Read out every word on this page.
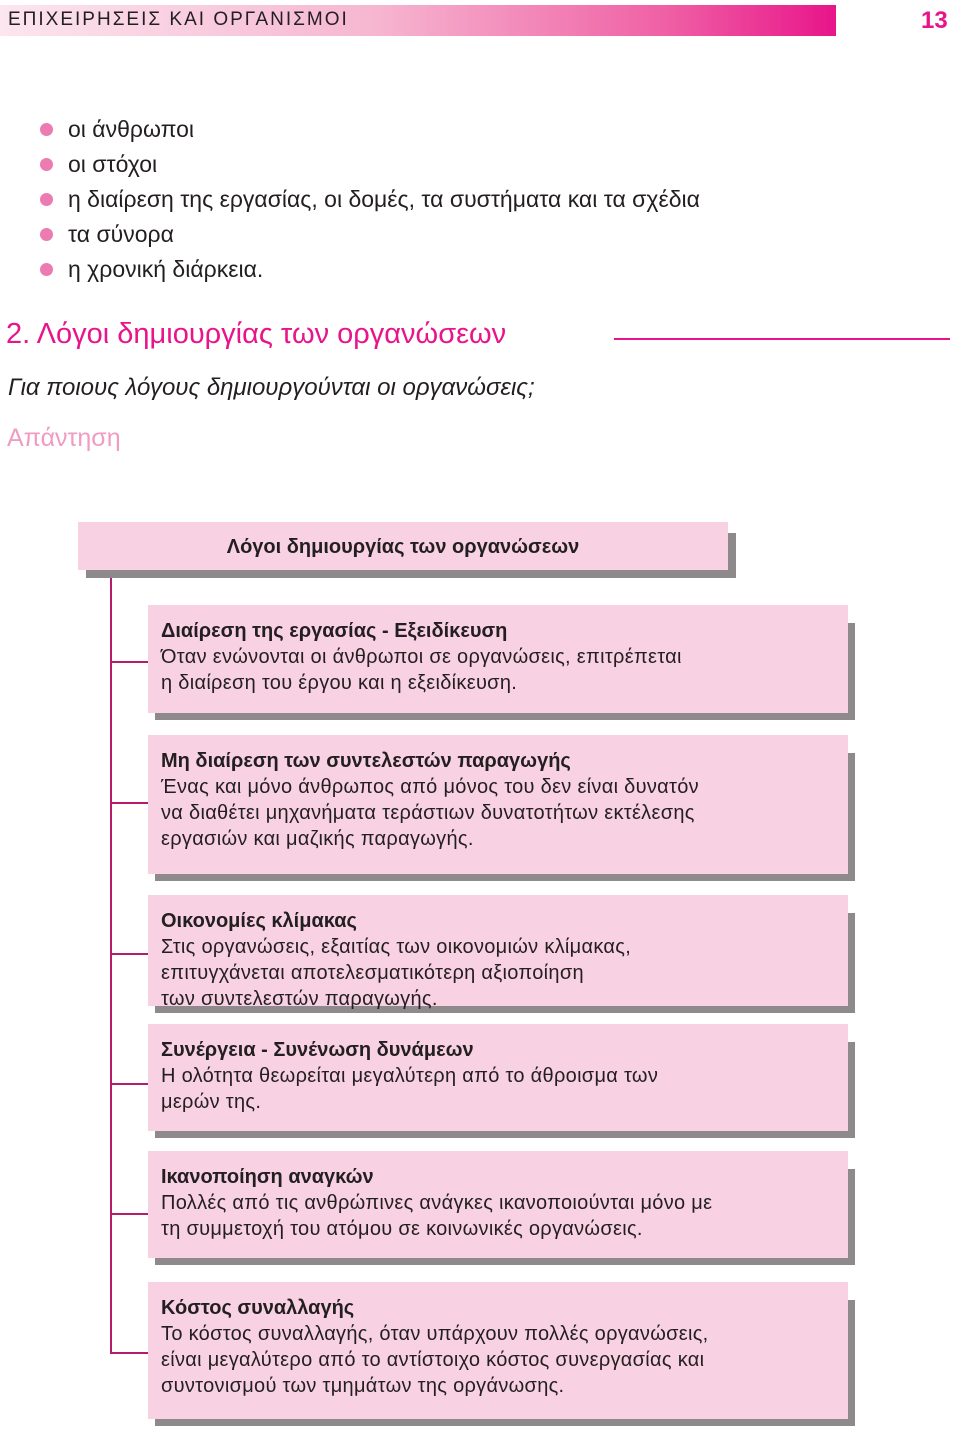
ΕΠΙΧΕΙΡΗΣΕΙΣ ΚΑΙ ΟΡΓΑΝΙΣΜΟΙ	13
οι άνθρωποι
οι στόχοι
η διαίρεση της εργασίας, οι δομές, τα συστήματα και τα σχέδια
τα σύνορα
η χρονική διάρκεια.
2. Λόγοι δημιουργίας των οργανώσεων
Για ποιους λόγους δημιουργούνται οι οργανώσεις;
Απάντηση
Λόγοι δημιουργίας των οργανώσεων
Διαίρεση της εργασίας - Εξειδίκευση
Όταν ενώνονται οι άνθρωποι σε οργανώσεις, επιτρέπεται
η διαίρεση του έργου και η εξειδίκευση.
Μη διαίρεση των συντελεστών παραγωγής
Ένας και μόνο άνθρωπος από μόνος του δεν είναι δυνατόν
να διαθέτει μηχανήματα τεράστιων δυνατοτήτων εκτέλεσης
εργασιών και μαζικής παραγωγής.
Οικονομίες κλίμακας
Στις οργανώσεις, εξαιτίας των οικονομιών κλίμακας,
επιτυγχάνεται αποτελεσματικότερη αξιοποίηση
των συντελεστών παραγωγής.
Συνέργεια - Συνένωση δυνάμεων
Η ολότητα θεωρείται μεγαλύτερη από το άθροισμα των
μερών της.
Ικανοποίηση αναγκών
Πολλές από τις ανθρώπινες ανάγκες ικανοποιούνται μόνο με
τη συμμετοχή του ατόμου σε κοινωνικές οργανώσεις.
Κόστος συναλλαγής
Το κόστος συναλλαγής, όταν υπάρχουν πολλές οργανώσεις,
είναι μεγαλύτερο από το αντίστοιχο κόστος συνεργασίας και
συντονισμού των τμημάτων της οργάνωσης.
